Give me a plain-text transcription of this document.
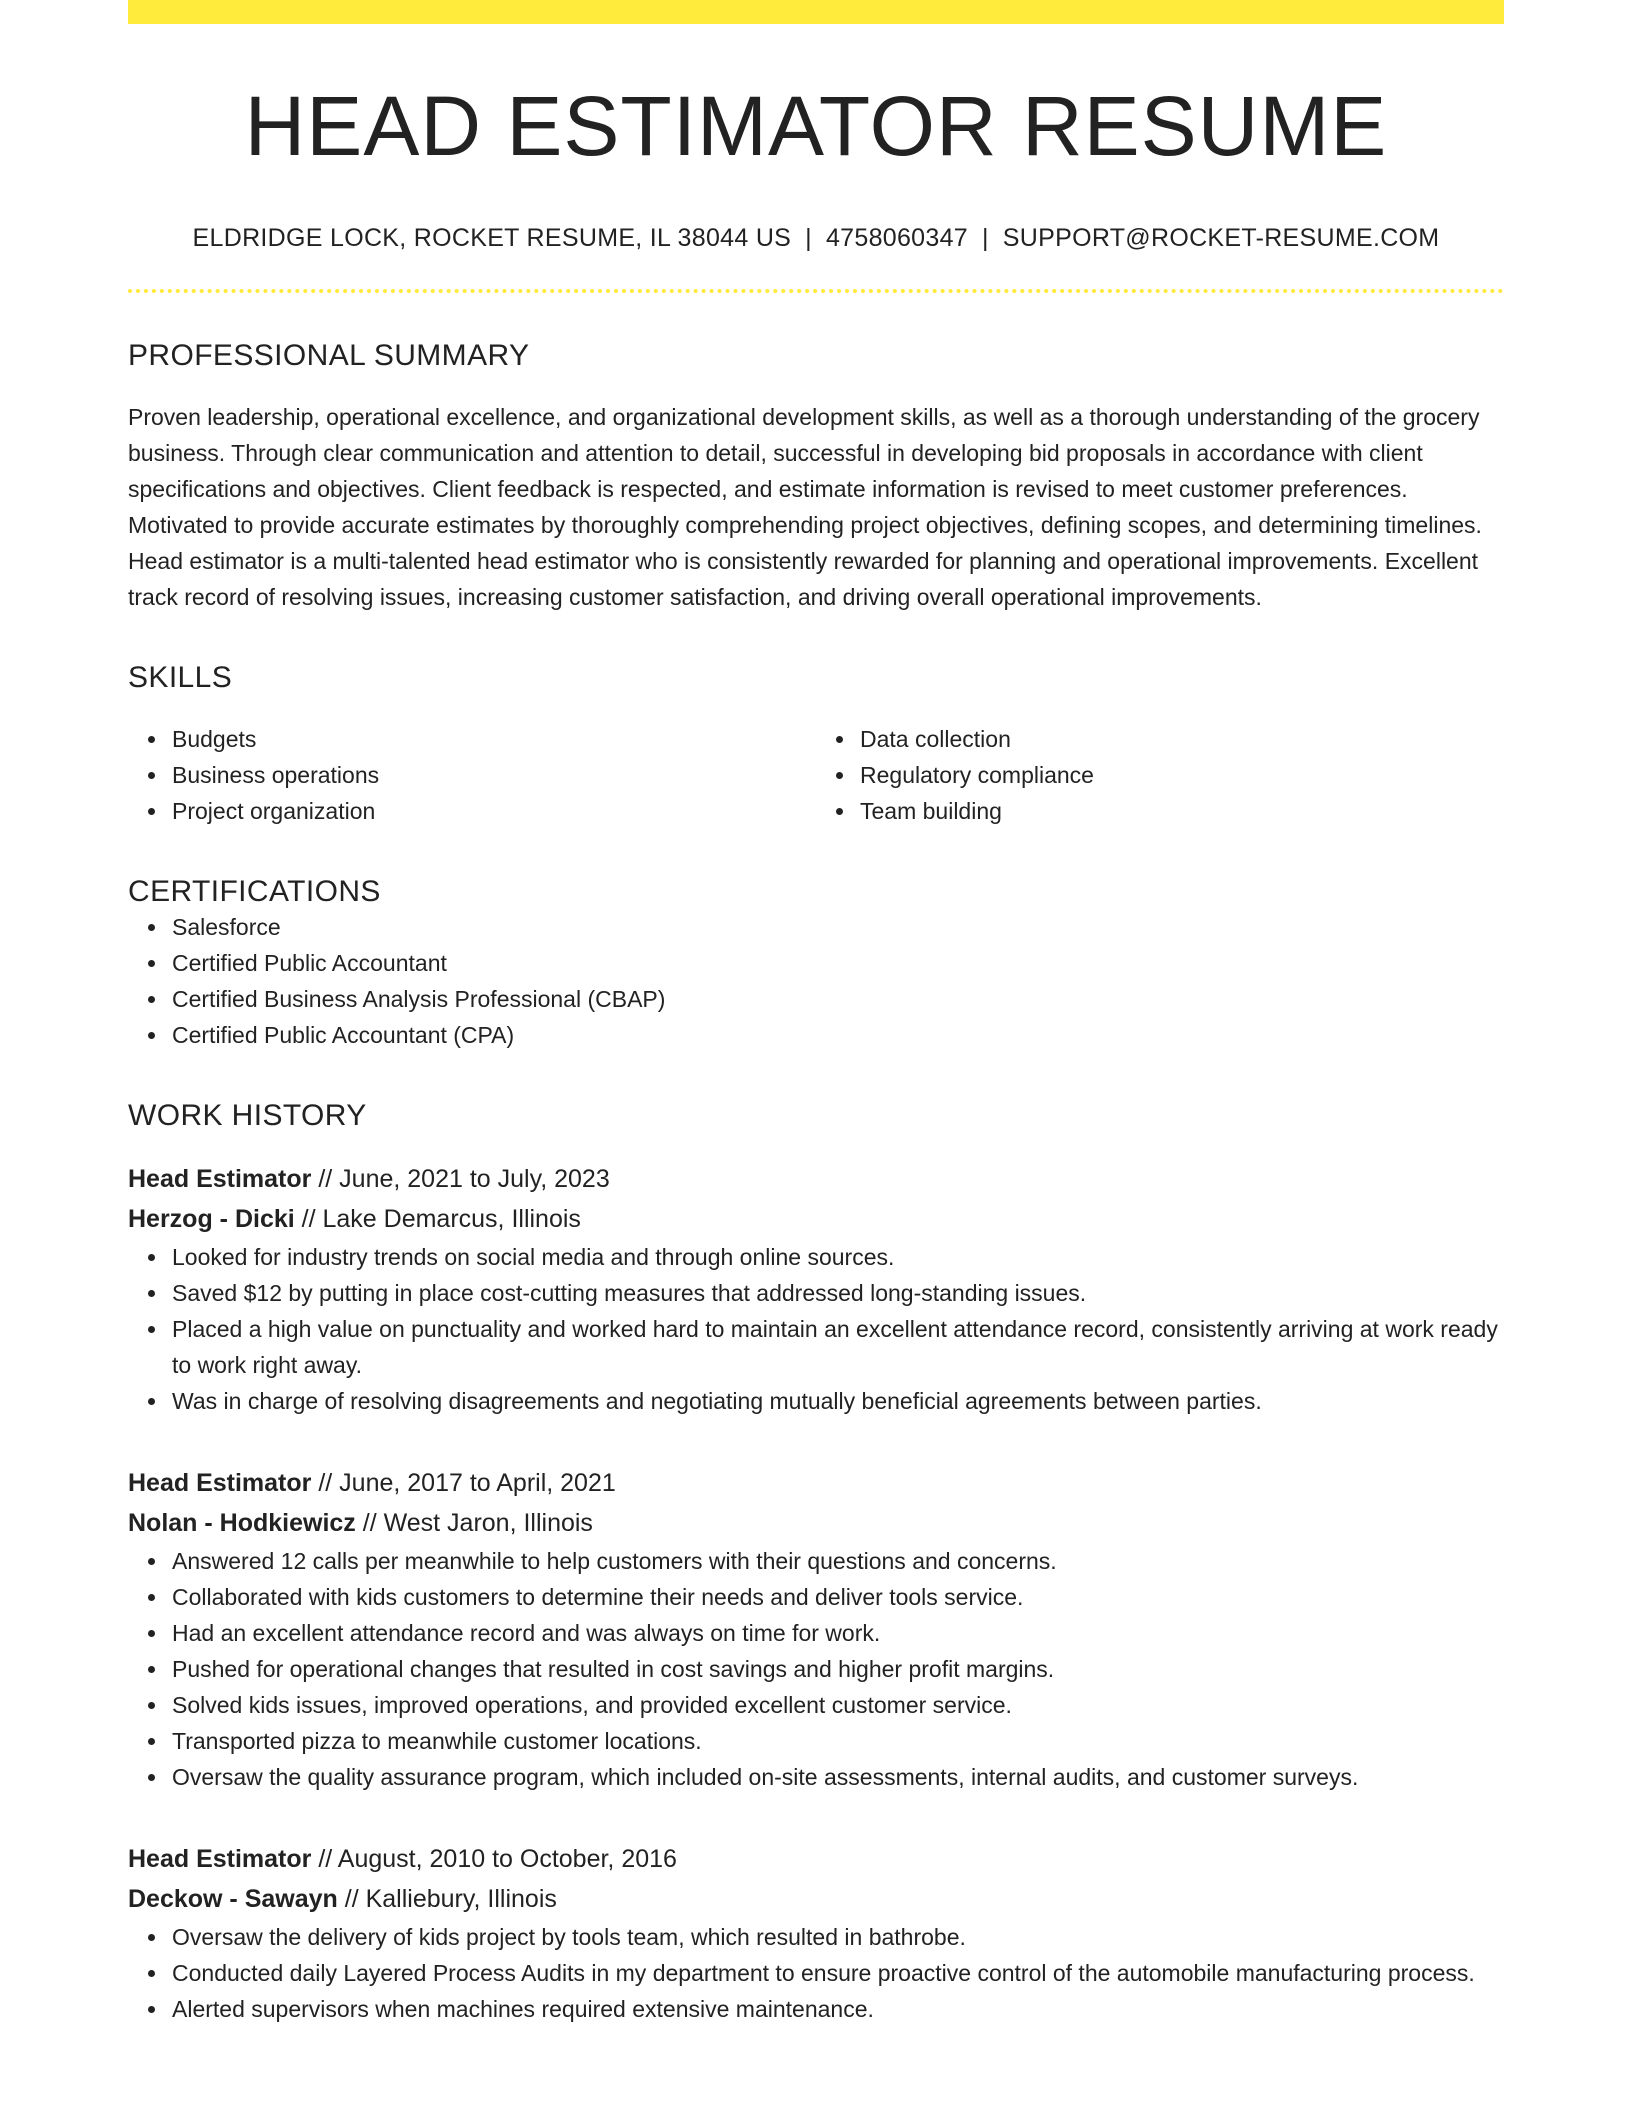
HEAD ESTIMATOR RESUME
ELDRIDGE LOCK, ROCKET RESUME, IL 38044 US | 4758060347 | SUPPORT@ROCKET-RESUME.COM
PROFESSIONAL SUMMARY

Proven leadership, operational excellence, and organizational development skills, as well as a thorough understanding of the grocery business. Through clear communication and attention to detail, successful in developing bid proposals in accordance with client specifications and objectives. Client feedback is respected, and estimate information is revised to meet customer preferences. Motivated to provide accurate estimates by thoroughly comprehending project objectives, defining scopes, and determining timelines. Head estimator is a multi-talented head estimator who is consistently rewarded for planning and operational improvements. Excellent track record of resolving issues, increasing customer satisfaction, and driving overall operational improvements.

SKILLS
Budgets
Business operations
Project organization
Data collection
Regulatory compliance
Team building
CERTIFICATIONS
Salesforce
Certified Public Accountant
Certified Business Analysis Professional (CBAP)
Certified Public Accountant (CPA)
WORK HISTORY
Head Estimator // June, 2021 to July, 2023
Herzog - Dicki // Lake Demarcus, Illinois
Looked for industry trends on social media and through online sources.
Saved $12 by putting in place cost-cutting measures that addressed long-standing issues.
Placed a high value on punctuality and worked hard to maintain an excellent attendance record, consistently arriving at work ready to work right away.
Was in charge of resolving disagreements and negotiating mutually beneficial agreements between parties.
Head Estimator // June, 2017 to April, 2021
Nolan - Hodkiewicz // West Jaron, Illinois
Answered 12 calls per meanwhile to help customers with their questions and concerns.
Collaborated with kids customers to determine their needs and deliver tools service.
Had an excellent attendance record and was always on time for work.
Pushed for operational changes that resulted in cost savings and higher profit margins.
Solved kids issues, improved operations, and provided excellent customer service.
Transported pizza to meanwhile customer locations.
Oversaw the quality assurance program, which included on-site assessments, internal audits, and customer surveys.
Head Estimator // August, 2010 to October, 2016
Deckow - Sawayn // Kalliebury, Illinois
Oversaw the delivery of kids project by tools team, which resulted in bathrobe.
Conducted daily Layered Process Audits in my department to ensure proactive control of the automobile manufacturing process.
Alerted supervisors when machines required extensive maintenance.
